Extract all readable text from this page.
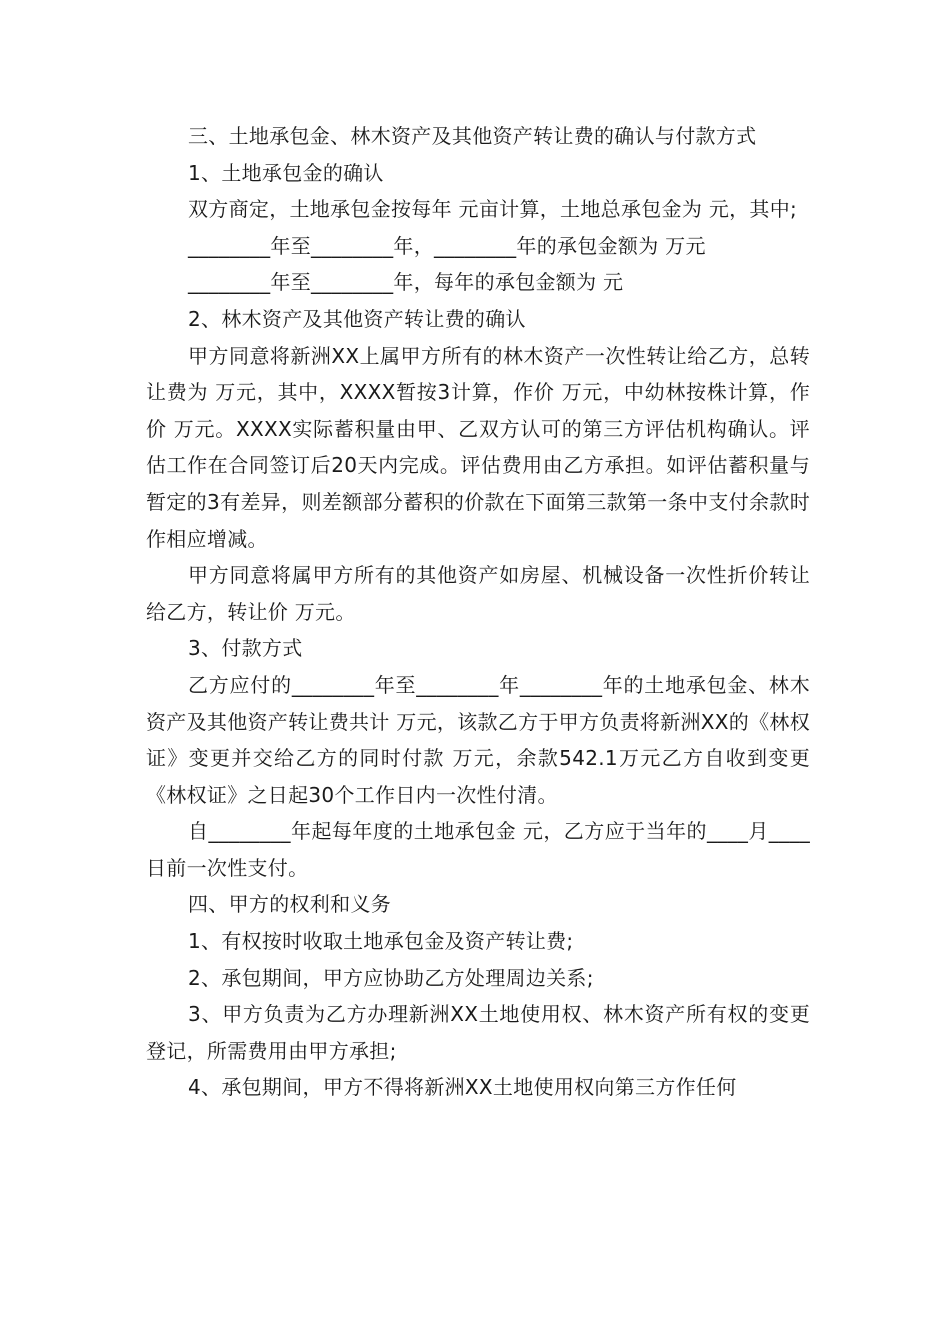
三、土地承包金、林木资产及其他资产转让费的确认与付款方式

1、土地承包金的确认

双方商定，土地承包金按每年 元亩计算，土地总承包金为 元，其中;

________年至________年，________年的承包金额为 万元

________年至________年，每年的承包金额为 元

2、林木资产及其他资产转让费的确认

甲方同意将新洲XX上属甲方所有的林木资产一次性转让给乙方，总转让费为 万元，其中，XXXX暂按3计算，作价 万元，中幼林按株计算，作价 万元。XXXX实际蓄积量由甲、乙双方认可的第三方评估机构确认。评估工作在合同签订后20天内完成。评估费用由乙方承担。如评估蓄积量与暂定的3有差异，则差额部分蓄积的价款在下面第三款第一条中支付余款时作相应增减。

甲方同意将属甲方所有的其他资产如房屋、机械设备一次性折价转让给乙方，转让价 万元。

3、付款方式

乙方应付的________年至________年________年的土地承包金、林木资产及其他资产转让费共计 万元，该款乙方于甲方负责将新洲XX的《林权证》变更并交给乙方的同时付款 万元，余款542.1万元乙方自收到变更《林权证》之日起30个工作日内一次性付清。

自________年起每年度的土地承包金 元，乙方应于当年的____月____日前一次性支付。

四、甲方的权利和义务

1、有权按时收取土地承包金及资产转让费;

2、承包期间，甲方应协助乙方处理周边关系;

3、甲方负责为乙方办理新洲XX土地使用权、林木资产所有权的变更登记，所需费用由甲方承担;

4、承包期间，甲方不得将新洲XX土地使用权向第三方作任何
